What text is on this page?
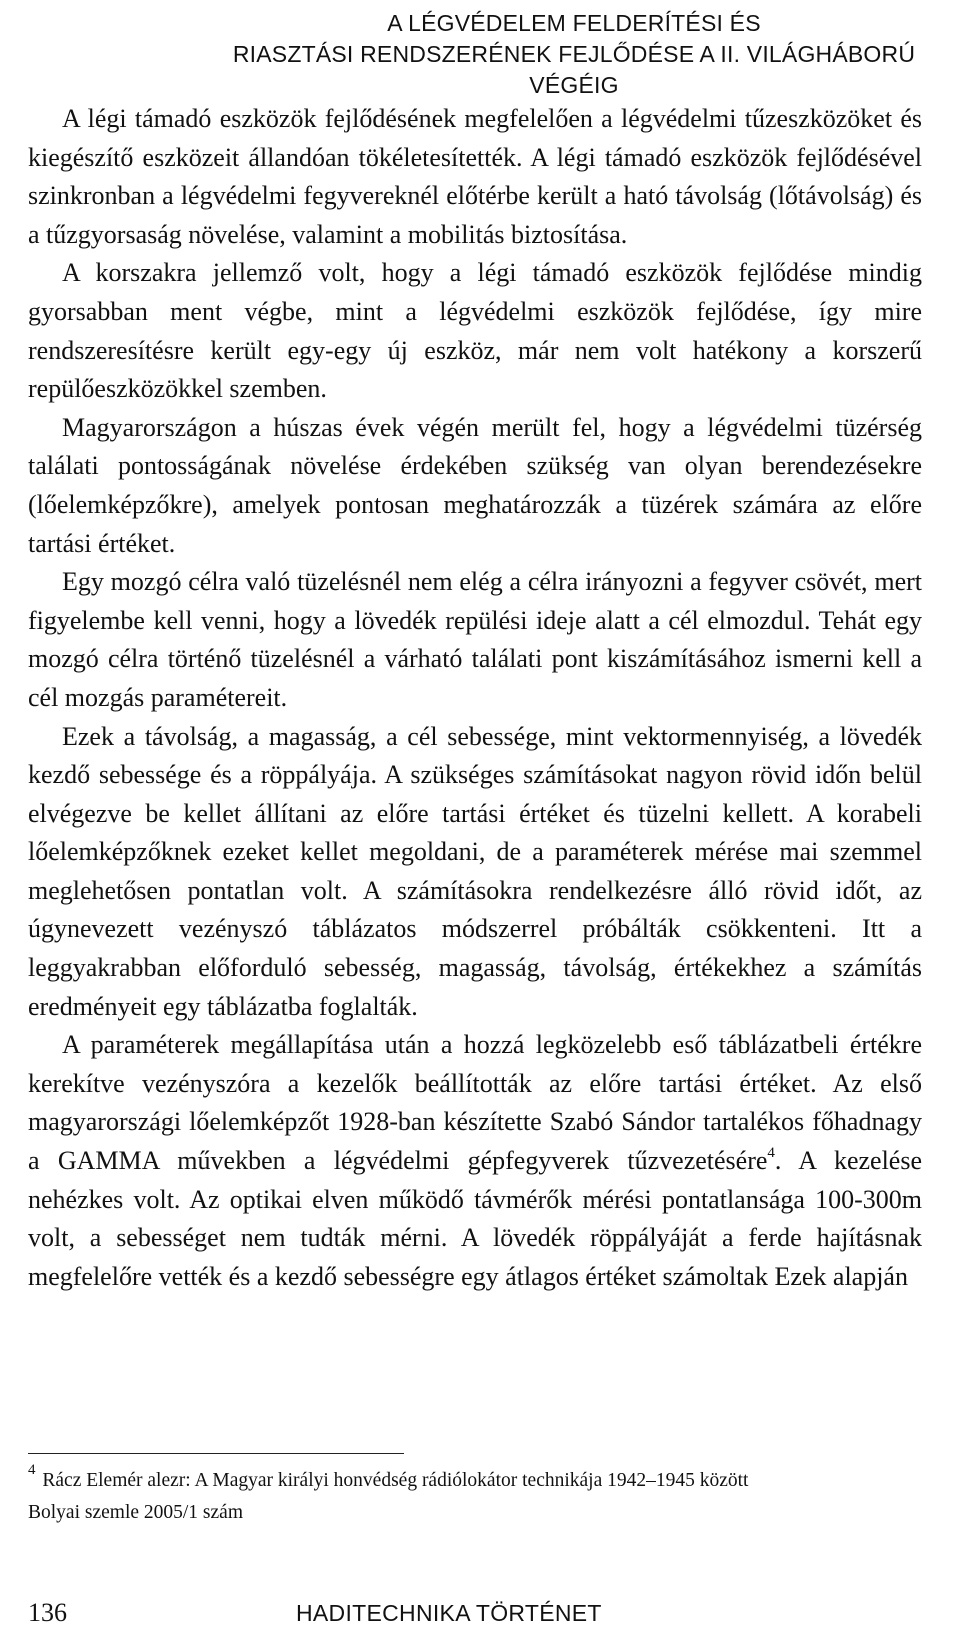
A LÉGVÉDELEM FELDERÍTÉSI ÉS
RIASZTÁSI RENDSZERÉNEK FEJLŐDÉSE A II. VILÁGHÁBORÚ VÉGÉIG

A légi támadó eszközök fejlődésének megfelelően a légvédelmi tűzeszközöket és kiegészítő eszközeit állandóan tökéletesítették. A légi támadó eszközök fejlődésével szinkronban a légvédelmi fegyvereknél előtérbe került a ható távolság (lőtávolság) és a tűzgyorsaság növelése, valamint a mobilitás biztosítása.

A korszakra jellemző volt, hogy a légi támadó eszközök fejlődése mindig gyorsabban ment végbe, mint a légvédelmi eszközök fejlődése, így mire rendszeresítésre került egy-egy új eszköz, már nem volt hatékony a korszerű repülőeszközökkel szemben.

Magyarországon a húszas évek végén merült fel, hogy a légvédelmi tüzérség találati pontosságának növelése érdekében szükség van olyan berendezésekre (lőelemképzőkre), amelyek pontosan meghatározzák a tüzérek számára az előre tartási értéket.

Egy mozgó célra való tüzelésnél nem elég a célra irányozni a fegyver csövét, mert figyelembe kell venni, hogy a lövedék repülési ideje alatt a cél elmozdul. Tehát egy mozgó célra történő tüzelésnél a várható találati pont kiszámításához ismerni kell a cél mozgás paramétereit.

Ezek a távolság, a magasság, a cél sebessége, mint vektormennyiség, a lövedék kezdő sebessége és a röppályája. A szükséges számításokat nagyon rövid időn belül elvégezve be kellet állítani az előre tartási értéket és tüzelni kellett. A korabeli lőelemképzőknek ezeket kellet megoldani, de a paraméterek mérése mai szemmel meglehetősen pontatlan volt. A számításokra rendelkezésre álló rövid időt, az úgynevezett vezényszó táblázatos módszerrel próbálták csökkenteni. Itt a leggyakrabban előforduló sebesség, magasság, távolság, értékekhez a számítás eredményeit egy táblázatba foglalták.

A paraméterek megállapítása után a hozzá legközelebb eső táblázatbeli értékre kerekítve vezényszóra a kezelők beállították az előre tartási értéket. Az első magyarországi lőelemképzőt 1928-ban készítette Szabó Sándor tartalékos főhadnagy a GAMMA művekben a légvédelmi gépfegyverek tűzvezetésére$^4$. A kezelése nehézkes volt. Az optikai elven működő távmérők mérési pontatlansága 100-300m volt, a sebességet nem tudták mérni. A lövedék röppályáját a ferde hajításnak megfelelőre vették és a kezdő sebességre egy átlagos értéket számoltak Ezek alapján

$^4$ Rácz Elemér alezr: A Magyar királyi honvédség rádiólokátor technikája 1942–1945 között
Bolyai szemle 2005/1 szám
136	HADITECHNIKA TÖRTÉNET
